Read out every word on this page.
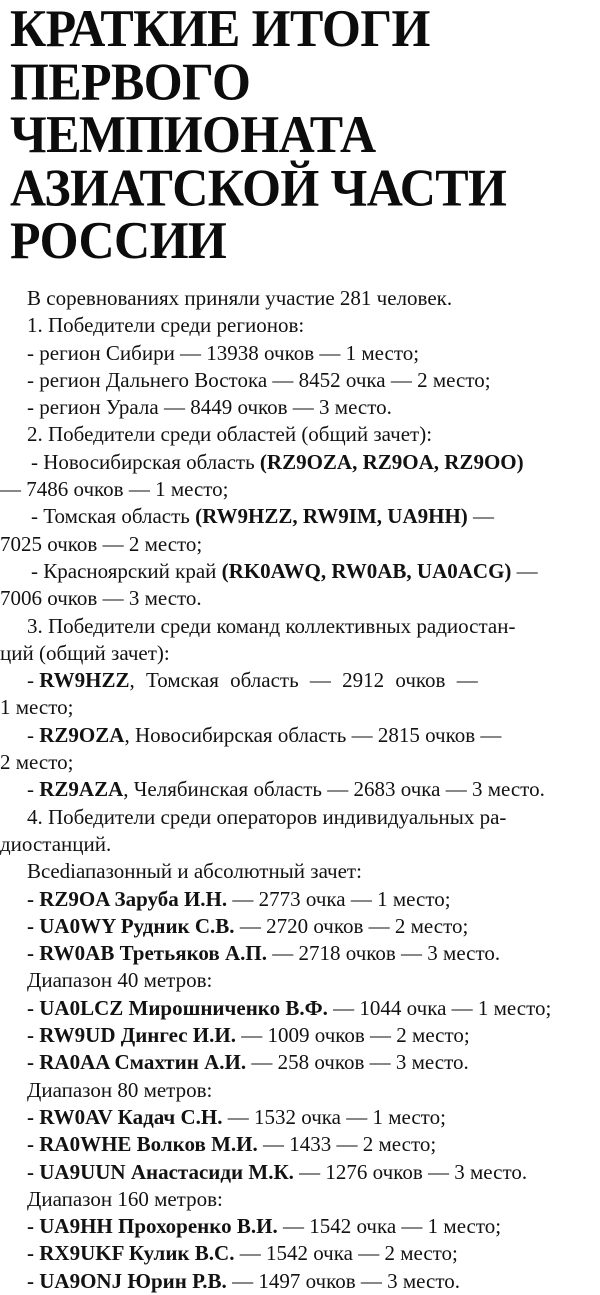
КРАТКИЕ ИТОГИ
ПЕРВОГО
ЧЕМПИОНАТА
АЗИАТСКОЙ ЧАСТИ
РОССИИ
В соревнованиях приняли участие 281 человек.
1. Победители среди регионов:
- регион Сибири — 13938 очков — 1 место;
- регион Дальнего Востока — 8452 очка — 2 место;
- регион Урала — 8449 очков — 3 место.
2. Победители среди областей (общий зачет):
- Новосибирская область (RZ9OZA, RZ9OA, RZ9OO)
— 7486 очков — 1 место;
- Томская область (RW9HZZ, RW9IM, UA9HH) —
7025 очков — 2 место;
- Красноярский край (RK0AWQ, RW0AB, UA0ACG) —
7006 очков — 3 место.
3. Победители среди команд коллективных радиостан-
ций (общий зачет):
- RW9HZZ, Томская область — 2912 очков —
1 место;
- RZ9OZA, Новосибирская область — 2815 очков —
2 место;
- RZ9AZA, Челябинская область — 2683 очка — 3 место.
4. Победители среди операторов индивидуальных ра-
диостанций.
Всediапазонный и абсолютный зачет:
- RZ9OA Заруба И.Н. — 2773 очка — 1 место;
- UA0WY Рудник С.В. — 2720 очков — 2 место;
- RW0AB Третьяков А.П. — 2718 очков — 3 место.
Диапазон 40 метров:
- UA0LCZ Мирошниченко В.Ф. — 1044 очка — 1 место;
- RW9UD Дингес И.И. — 1009 очков — 2 место;
- RA0AA Смахтин А.И. — 258 очков — 3 место.
Диапазон 80 метров:
- RW0AV Кадач С.Н. — 1532 очка — 1 место;
- RA0WHE Волков М.И. — 1433 — 2 место;
- UA9UUN Анастасиди М.К. — 1276 очков — 3 место.
Диапазон 160 метров:
- UA9HH Прохоренко В.И. — 1542 очка — 1 место;
- RX9UKF Кулик В.С. — 1542 очка — 2 место;
- UA9ONJ Юрин Р.В. — 1497 очков — 3 место.
